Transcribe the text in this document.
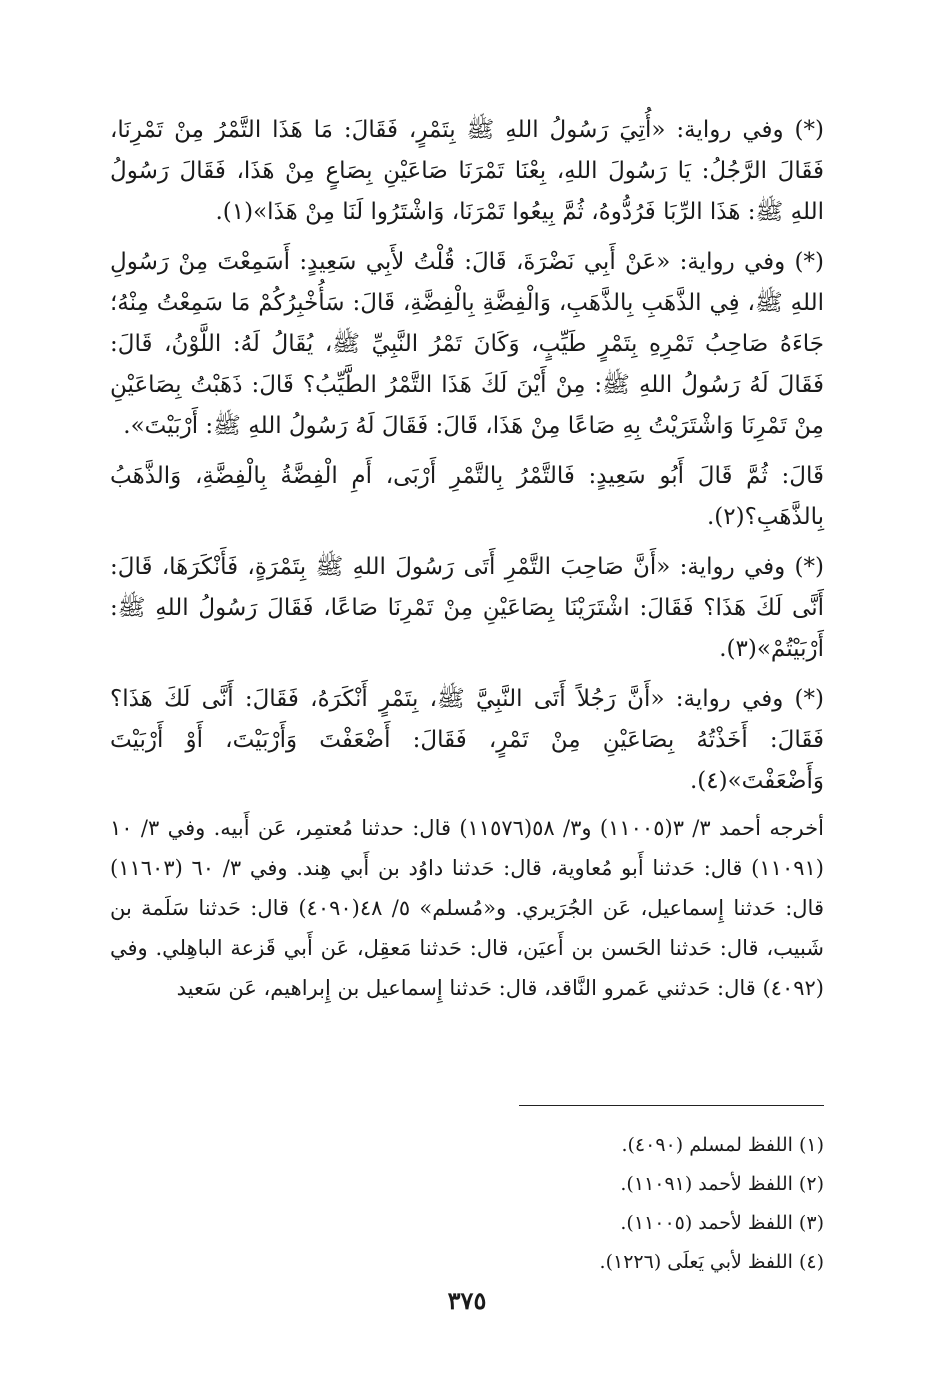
(*) وفي رواية: «أُتِيَ رَسُولُ اللهِ ﷺ بِتَمْرٍ، فَقَالَ: مَا هَذَا التَّمْرُ مِنْ تَمْرِنَا، فَقَالَ الرَّجُلُ: يَا رَسُولَ اللهِ، بِعْنَا تَمْرَنَا صَاعَيْنِ بِصَاعٍ مِنْ هَذَا، فَقَالَ رَسُولُ اللهِ ﷺ: هَذَا الرِّبَا فَرُدُّوهُ، ثُمَّ بِيعُوا تَمْرَنَا، وَاشْتَرُوا لَنَا مِنْ هَذَا»(١).

(*) وفي رواية: «عَنْ أَبِي نَضْرَةَ، قَالَ: قُلْتُ لأَبِي سَعِيدٍ: أَسَمِعْتَ مِنْ رَسُولِ اللهِ ﷺ، فِي الذَّهَبِ بِالذَّهَبِ، وَالْفِضَّةِ بِالْفِضَّةِ، قَالَ: سَأُخْبِرُكُمْ مَا سَمِعْتُ مِنْهُ؛ جَاءَهُ صَاحِبُ تَمْرِهِ بِتَمْرٍ طَيِّبٍ، وَكَانَ تَمْرُ النَّبِيِّ ﷺ، يُقَالُ لَهُ: اللَّوْنُ، قَالَ: فَقَالَ لَهُ رَسُولُ اللهِ ﷺ: مِنْ أَيْنَ لَكَ هَذَا التَّمْرُ الطَّيِّبُ؟ قَالَ: ذَهَبْتُ بِصَاعَيْنِ مِنْ تَمْرِنَا وَاشْتَرَيْتُ بِهِ صَاعًا مِنْ هَذَا، قَالَ: فَقَالَ لَهُ رَسُولُ اللهِ ﷺ: أَرْبَيْتَ».

قَالَ: ثُمَّ قَالَ أَبُو سَعِيدٍ: فَالتَّمْرُ بِالتَّمْرِ أَرْبَى، أَمِ الْفِضَّةُ بِالْفِضَّةِ، وَالذَّهَبُ بِالذَّهَبِ؟(٢).

(*) وفي رواية: «أَنَّ صَاحِبَ التَّمْرِ أَتَى رَسُولَ اللهِ ﷺ بِتَمْرَةٍ، فَأَنْكَرَهَا، قَالَ: أَنَّى لَكَ هَذَا؟ فَقَالَ: اشْتَرَيْنَا بِصَاعَيْنِ مِنْ تَمْرِنَا صَاعًا، فَقَالَ رَسُولُ اللهِ ﷺ: أَرْبَيْتُمْ»(٣).

(*) وفي رواية: «أَنَّ رَجُلاً أَتَى النَّبِيَّ ﷺ، بِتَمْرٍ أَنْكَرَهُ، فَقَالَ: أَنَّى لَكَ هَذَا؟ فَقَالَ: أَخَذْتُهُ بِصَاعَيْنِ مِنْ تَمْرٍ، فَقَالَ: أَضْعَفْتَ وَأَرْبَيْتَ، أَوْ أَرْبَيْتَ وَأَضْعَفْتَ»(٤).

أخرجه أحمد ٣/ ٣(١١٠٠٥) و٣/ ٥٨(١١٥٧٦) قال: حدثنا مُعتمِر، عَن أَبيه. وفي ٣/ ١٠ (١١٠٩١) قال: حَدثنا أَبو مُعاوية، قال: حَدثنا داوُد بن أَبي هِند. وفي ٣/ ٦٠ (١١٦٠٣) قال: حَدثنا إِسماعيل، عَن الجُرَيري. و«مُسلم» ٥/ ٤٨(٤٠٩٠) قال: حَدثنا سَلَمة بن شَبيب، قال: حَدثنا الحَسن بن أَعيَن، قال: حَدثنا مَعقِل، عَن أَبي قَزعة الباهِلي. وفي (٤٠٩٢) قال: حَدثني عَمرو النَّاقد، قال: حَدثنا إِسماعيل بن إِبراهيم، عَن سَعيد

(١) اللفظ لمسلم (٤٠٩٠).

(٢) اللفظ لأحمد (١١٠٩١).

(٣) اللفظ لأحمد (١١٠٠٥).

(٤) اللفظ لأبي يَعلَى (١٢٢٦).

٣٧٥
